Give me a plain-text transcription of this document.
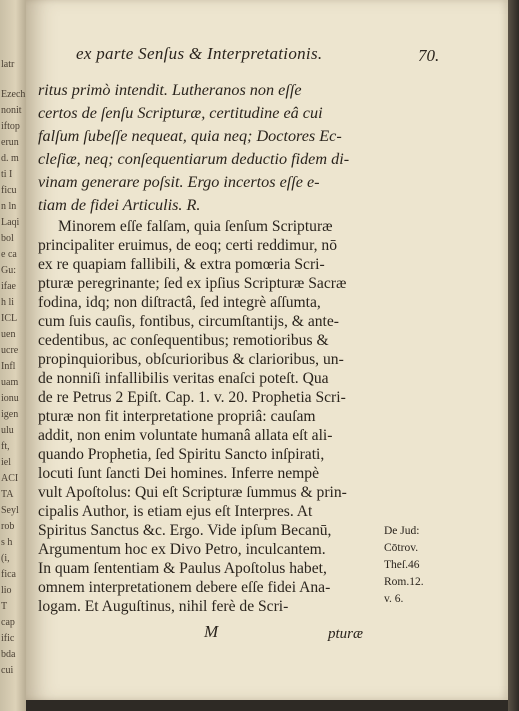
latr
Ezech
nonit
iftop
erun
d. m
ti I
ficu
n ln
Laqi
bol
e ca
Gu:
ifae
h li
ICL
uen
ucre
Infl
uam
ionu
igen
ulu
ft,
iel
ACI
TA
Seyl
rob
s h
(i,
fica
lio
T
cap
ific
bda
cui
ex parte Senſus & Interpretationis.	70.
ritus primò intendit. Lutheranos non eſſe
certos de ſenſu Scripturæ, certitudine eâ cui
falſum ſubeſſe nequeat, quia neq; Doctores Ec-
cleſiæ, neq; conſequentiarum deductio fidem di-
vinam generare poſsit. Ergo incertos eſſe e-
tiam de fidei Articulis. R.
Minorem eſſe falſam, quia ſenſum Scripturæ
principaliter eruimus, de eoq; certi reddimur, nō
ex re quapiam fallibili, & extra pomœria Scri-
pturæ peregrinante; ſed ex ipſius Scripturæ Sacræ
fodina, idq; non diſtractâ, ſed integrè aſſumta,
cum ſuis cauſis, fontibus, circumſtantijs, & ante-
cedentibus, ac conſequentibus; remotioribus &
propinquioribus, obſcurioribus & clarioribus, un-
de nonniſi infallibilis veritas enaſci poteſt. Qua
de re Petrus 2 Epiſt. Cap. 1. v. 20. Prophetia Scri-
pturæ non fit interpretatione propriâ: cauſam
addit, non enim voluntate humanâ allata eſt ali-
quando Prophetia, ſed Spiritu Sancto inſpirati,
locuti ſunt ſancti Dei homines. Inferre nempè
vult Apoſtolus: Qui eſt Scripturæ ſummus & prin-
cipalis Author, is etiam ejus eſt Interpres. At
Spiritus Sanctus &c. Ergo. Vide ipſum Becanū,
Argumentum hoc ex Divo Petro, inculcantem.
In quam ſententiam & Paulus Apoſtolus habet,
omnem interpretationem debere eſſe fidei Ana-
logam. Et Auguſtinus, nihil ferè de Scri-
De Jud:
Cōtrov.
Theſ.46
Rom.12.
v. 6.
M	pturæ
